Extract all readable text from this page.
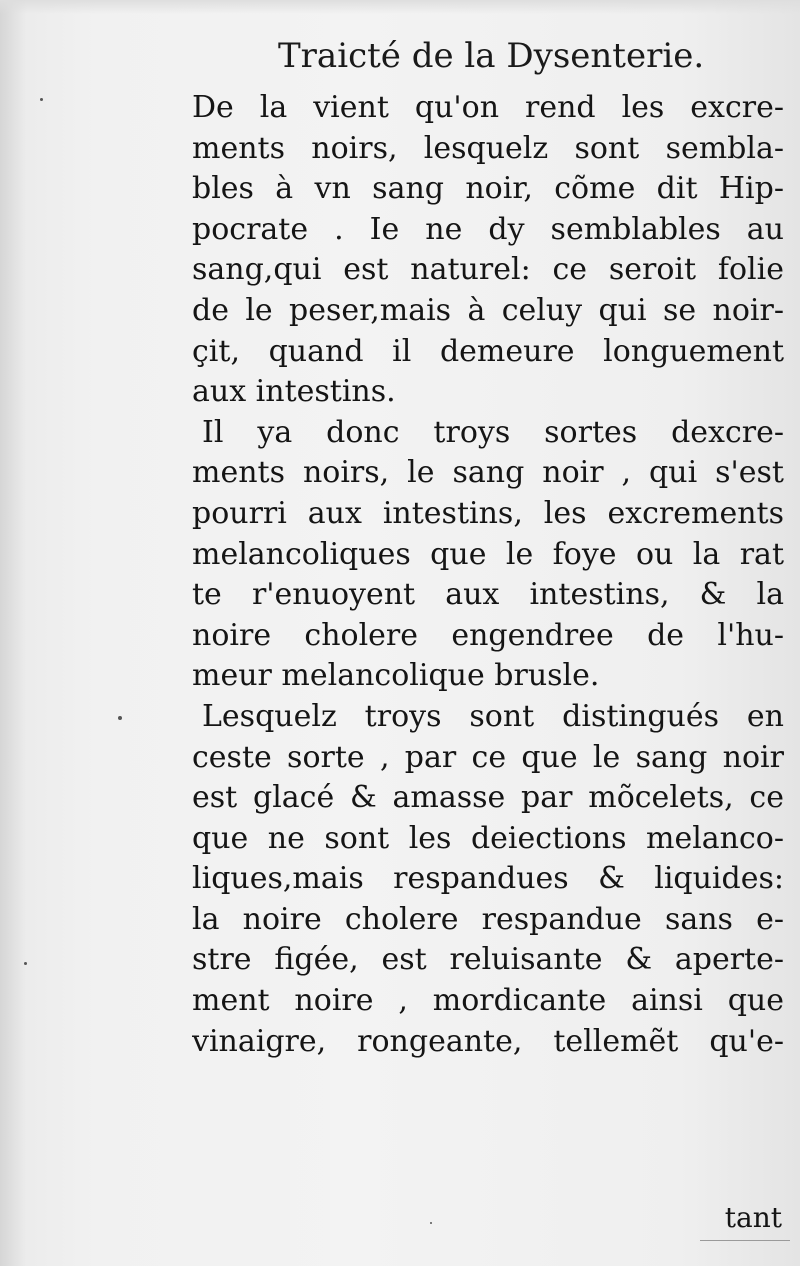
Traicté de la Dysenterie.
De la vient qu'on rend les excre-
ments noirs, lesquelz sont sembla-
bles à vn sang noir, cõme dit Hip-
pocrate . Ie ne dy semblables au
sang,qui est naturel: ce seroit folie
de le peser,mais à celuy qui se noir-
çit, quand il demeure longuement
aux intestins.
Il ya donc troys sortes dexcre-
ments noirs, le sang noir , qui s'est
pourri aux intestins, les excrements
melancoliques que le foye ou la rat
te r'enuoyent aux intestins, & la
noire cholere engendree de l'hu-
meur melancolique brusle.
Lesquelz troys sont distingués en
ceste sorte , par ce que le sang noir
est glacé & amasse par mõcelets, ce
que ne sont les deiections melanco-
liques,mais respandues & liquides:
la noire cholere respandue sans e-
stre figée, est reluisante & aperte-
ment noire , mordicante ainsi que
vinaigre, rongeante, tellemẽt qu'e-
tant
